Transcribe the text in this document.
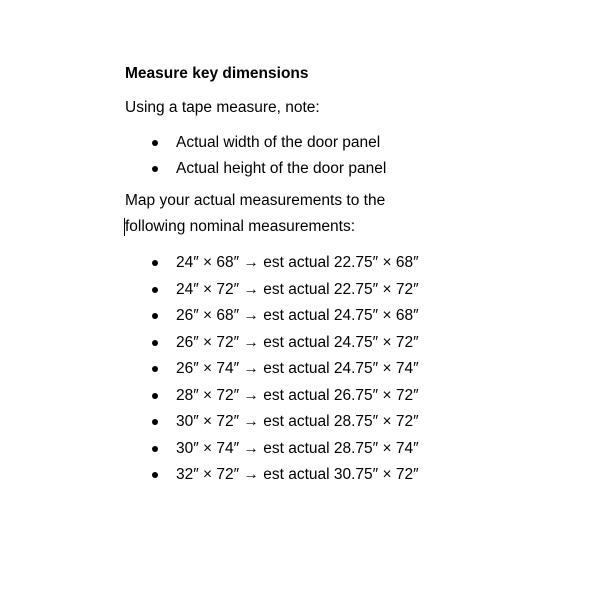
Measure key dimensions
Using a tape measure, note:
Actual width of the door panel
Actual height of the door panel
Map your actual measurements to the
following nominal measurements:
24″ × 68″ → est actual 22.75″ × 68″
24″ × 72″ → est actual 22.75″ × 72″
26″ × 68″ → est actual 24.75″ × 68″
26″ × 72″ → est actual 24.75″ × 72″
26″ × 74″ → est actual 24.75″ × 74″
28″ × 72″ → est actual 26.75″ × 72″
30″ × 72″ → est actual 28.75″ × 72″
30″ × 74″ → est actual 28.75″ × 74″
32″ × 72″ → est actual 30.75″ × 72″
